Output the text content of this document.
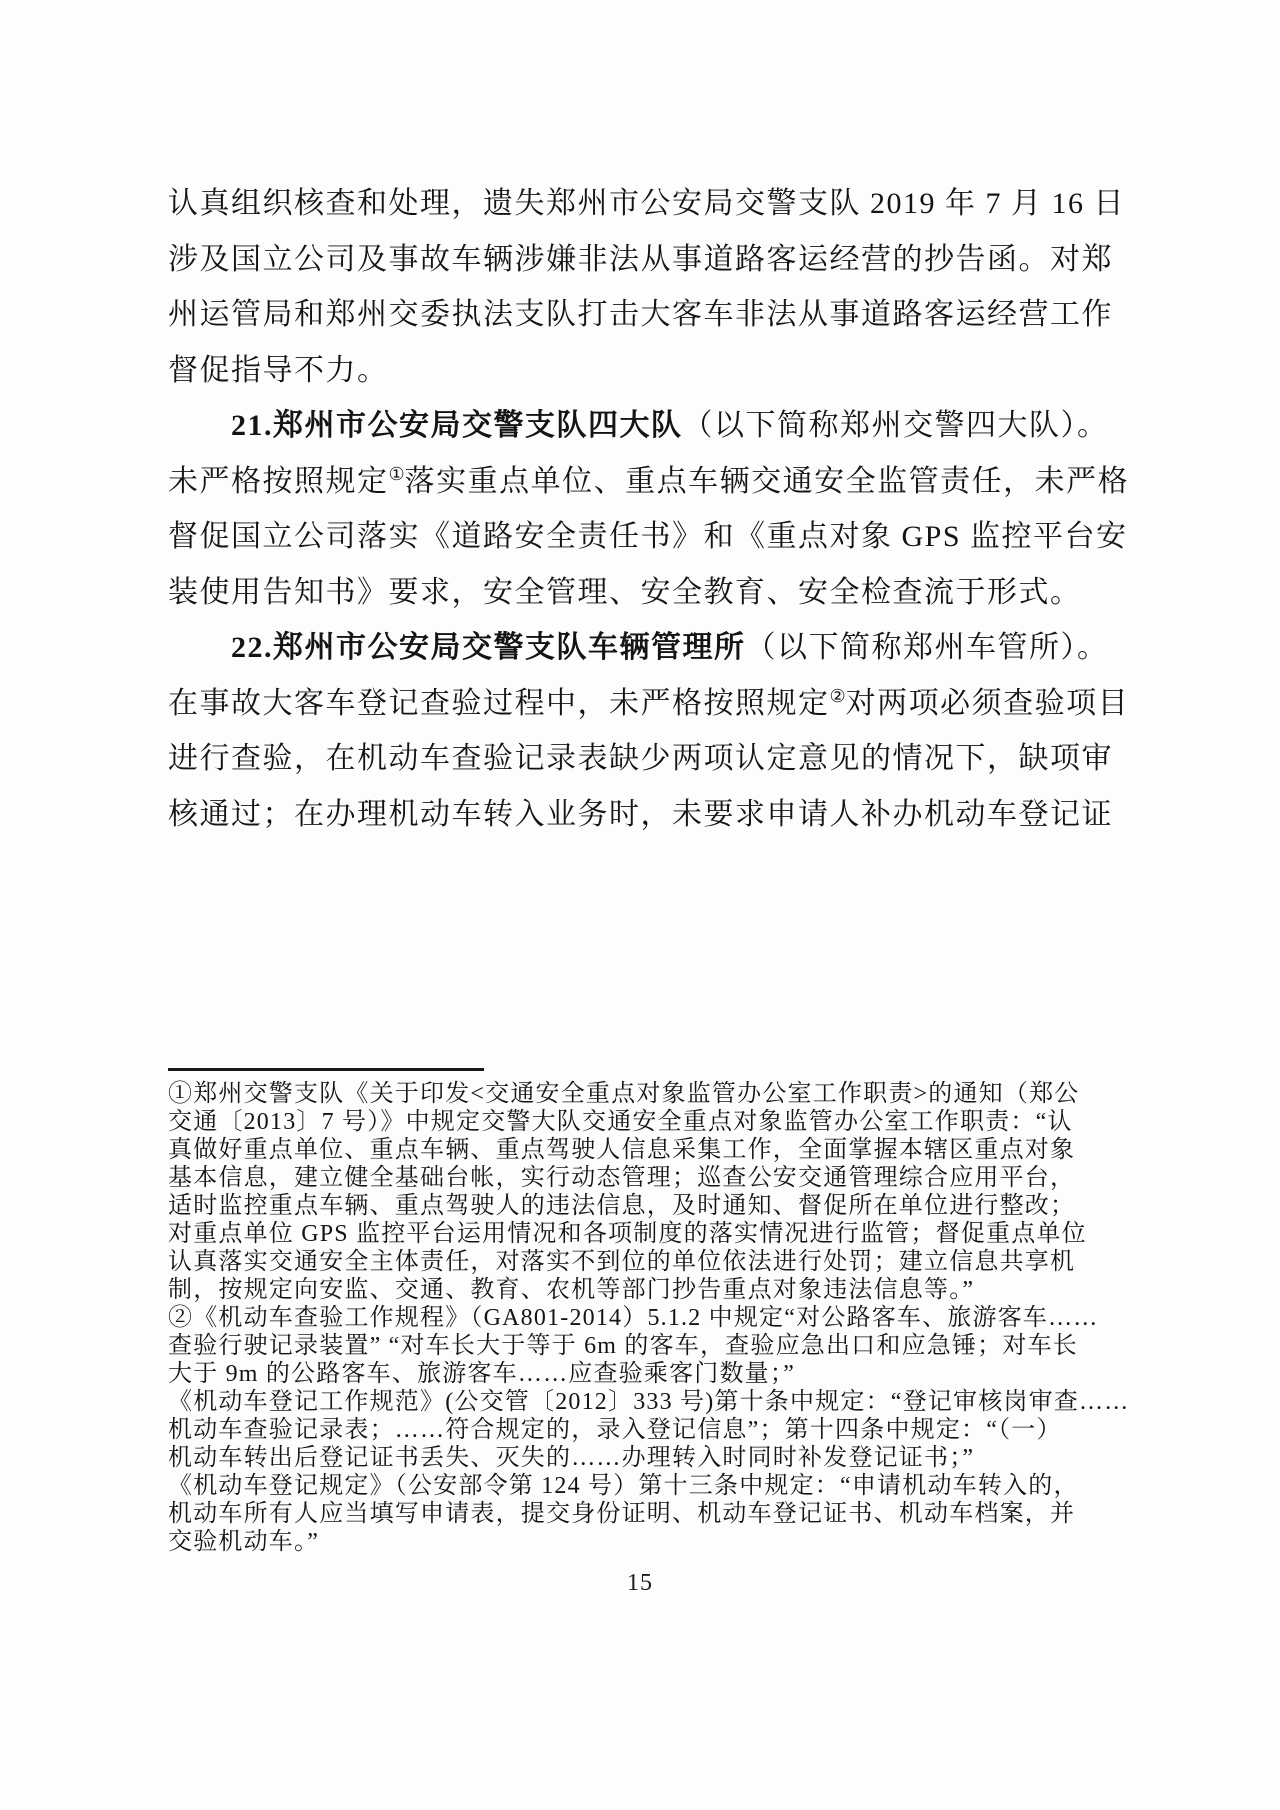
认真组织核查和处理，遗失郑州市公安局交警支队 2019 年 7 月 16 日
涉及国立公司及事故车辆涉嫌非法从事道路客运经营的抄告函。对郑
州运管局和郑州交委执法支队打击大客车非法从事道路客运经营工作
督促指导不力。
21.郑州市公安局交警支队四大队（以下简称郑州交警四大队）。
未严格按照规定①落实重点单位、重点车辆交通安全监管责任，未严格
督促国立公司落实《道路安全责任书》和《重点对象 GPS 监控平台安
装使用告知书》要求，安全管理、安全教育、安全检查流于形式。
22.郑州市公安局交警支队车辆管理所（以下简称郑州车管所）。
在事故大客车登记查验过程中，未严格按照规定②对两项必须查验项目
进行查验，在机动车查验记录表缺少两项认定意见的情况下，缺项审
核通过；在办理机动车转入业务时，未要求申请人补办机动车登记证
①郑州交警支队《关于印发<交通安全重点对象监管办公室工作职责>的通知（郑公
交通〔2013〕7 号）》中规定交警大队交通安全重点对象监管办公室工作职责：“认
真做好重点单位、重点车辆、重点驾驶人信息采集工作，全面掌握本辖区重点对象
基本信息，建立健全基础台帐，实行动态管理；巡查公安交通管理综合应用平台，
适时监控重点车辆、重点驾驶人的违法信息，及时通知、督促所在单位进行整改；
对重点单位 GPS 监控平台运用情况和各项制度的落实情况进行监管；督促重点单位
认真落实交通安全主体责任，对落实不到位的单位依法进行处罚；建立信息共享机
制，按规定向安监、交通、教育、农机等部门抄告重点对象违法信息等。”
②《机动车查验工作规程》（GA801-2014）5.1.2 中规定“对公路客车、旅游客车……
查验行驶记录装置” “对车长大于等于 6m 的客车，查验应急出口和应急锤；对车长
大于 9m 的公路客车、旅游客车……应查验乘客门数量；”
《机动车登记工作规范》(公交管〔2012〕333 号)第十条中规定：“登记审核岗审查……
机动车查验记录表；……符合规定的，录入登记信息”；第十四条中规定：“（一）
机动车转出后登记证书丢失、灭失的……办理转入时同时补发登记证书；”
《机动车登记规定》（公安部令第 124 号）第十三条中规定：“申请机动车转入的，
机动车所有人应当填写申请表，提交身份证明、机动车登记证书、机动车档案，并
交验机动车。”
15
